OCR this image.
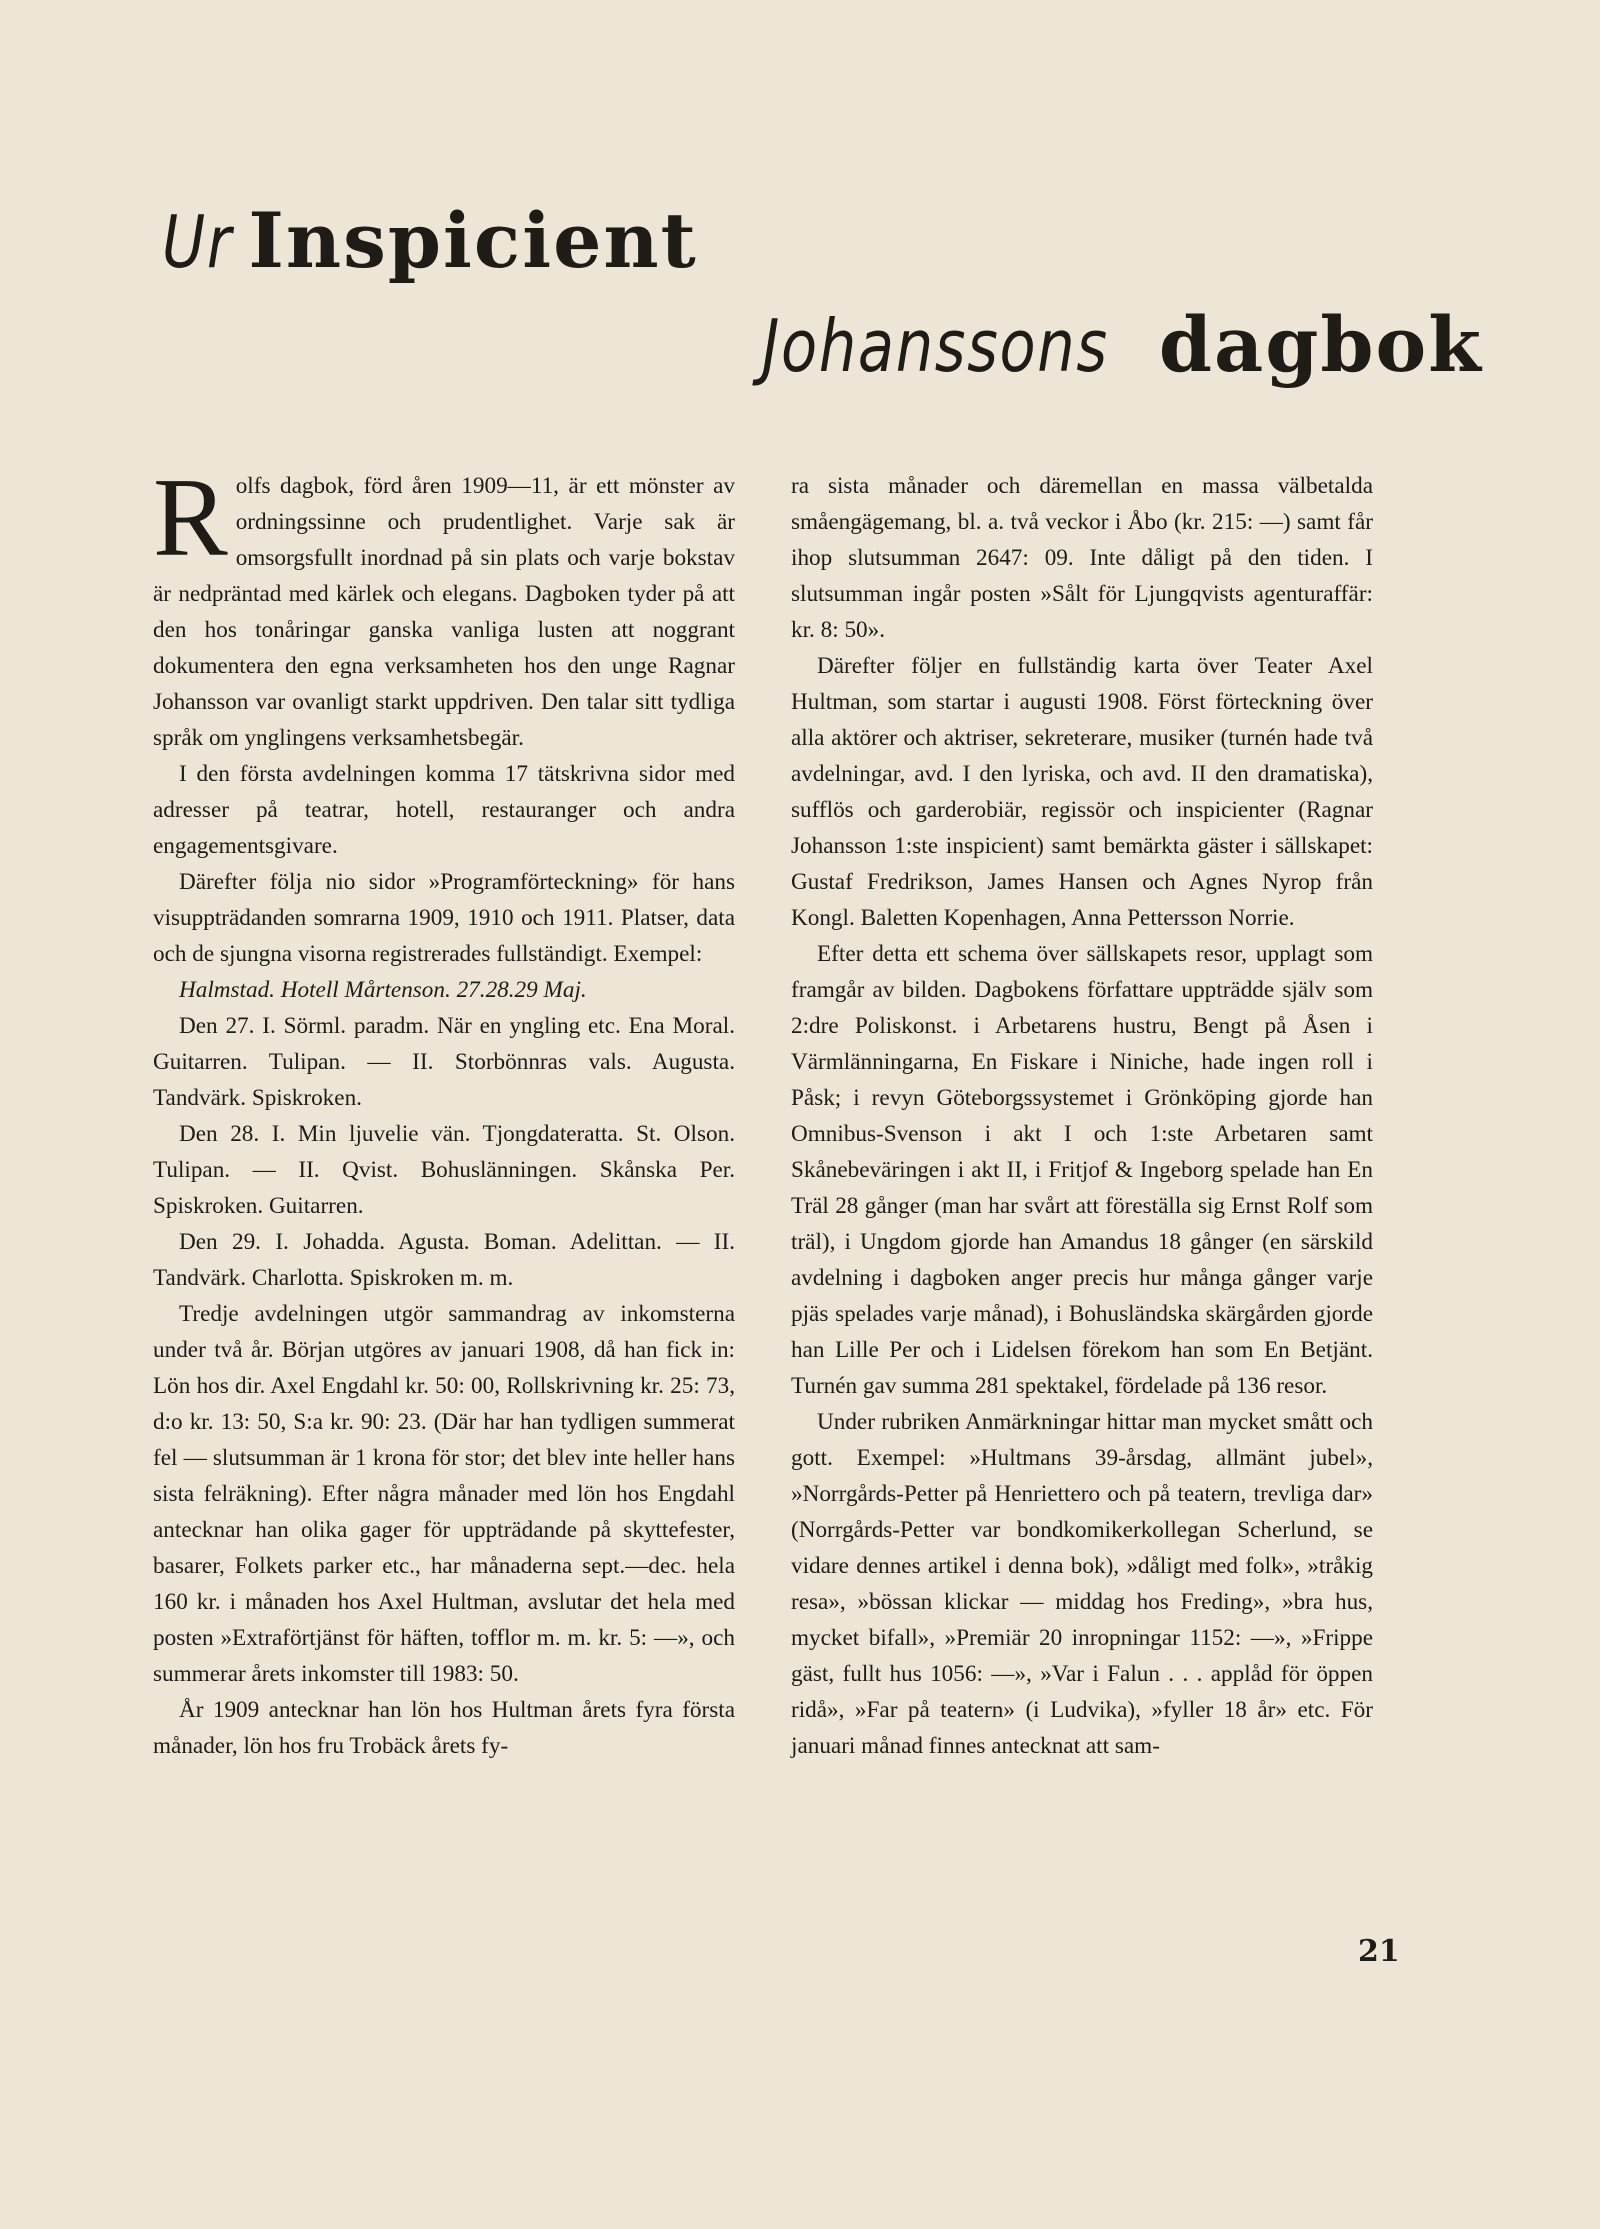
Ur Inspicient
Johanssons dagbok

Rolfs dagbok, förd åren 1909—11, är ett mönster av ordningssinne och prudentlighet. Varje sak är omsorgsfullt inordnad på sin plats och varje bokstav är nedpräntad med kärlek och elegans. Dagboken tyder på att den hos tonåringar ganska vanliga lusten att noggrant dokumentera den egna verksamheten hos den unge Ragnar Johansson var ovanligt starkt uppdriven. Den talar sitt tydliga språk om ynglingens verksamhetsbegär.

I den första avdelningen komma 17 tätskrivna sidor med adresser på teatrar, hotell, restauranger och andra engagementsgivare.

Därefter följa nio sidor »Programförteckning» för hans visuppträdanden somrarna 1909, 1910 och 1911. Platser, data och de sjungna visorna registrerades fullständigt. Exempel:

Halmstad. Hotell Mårtenson. 27.28.29 Maj.

Den 27. I. Sörml. paradm. När en yngling etc. Ena Moral. Guitarren. Tulipan. — II. Storbönnras vals. Augusta. Tandvärk. Spiskroken.

Den 28. I. Min ljuvelie vän. Tjongdateratta. St. Olson. Tulipan. — II. Qvist. Bohuslänningen. Skånska Per. Spiskroken. Guitarren.

Den 29. I. Johadda. Agusta. Boman. Adelittan. — II. Tandvärk. Charlotta. Spiskroken m. m.

Tredje avdelningen utgör sammandrag av inkomsterna under två år. Början utgöres av januari 1908, då han fick in: Lön hos dir. Axel Engdahl kr. 50: 00, Rollskrivning kr. 25: 73, d:o kr. 13: 50, S:a kr. 90: 23. (Där har han tydligen summerat fel — slutsumman är 1 krona för stor; det blev inte heller hans sista felräkning). Efter några månader med lön hos Engdahl antecknar han olika gager för uppträdande på skyttefester, basarer, Folkets parker etc., har månaderna sept.—dec. hela 160 kr. i månaden hos Axel Hultman, avslutar det hela med posten »Extraförtjänst för häften, tofflor m. m. kr. 5: —», och summerar årets inkomster till 1983: 50.

År 1909 antecknar han lön hos Hultman årets fyra första månader, lön hos fru Trobäck årets fy-

ra sista månader och däremellan en massa välbetalda småengägemang, bl. a. två veckor i Åbo (kr. 215: —) samt får ihop slutsumman 2647: 09. Inte dåligt på den tiden. I slutsumman ingår posten »Sålt för Ljungqvists agenturaffär: kr. 8: 50».

Därefter följer en fullständig karta över Teater Axel Hultman, som startar i augusti 1908. Först förteckning över alla aktörer och aktriser, sekreterare, musiker (turnén hade två avdelningar, avd. I den lyriska, och avd. II den dramatiska), sufflös och garderobiär, regissör och inspicienter (Ragnar Johansson 1:ste inspicient) samt bemärkta gäster i sällskapet: Gustaf Fredrikson, James Hansen och Agnes Nyrop från Kongl. Baletten Kopenhagen, Anna Pettersson Norrie.

Efter detta ett schema över sällskapets resor, upplagt som framgår av bilden. Dagbokens författare uppträdde själv som 2:dre Poliskonst. i Arbetarens hustru, Bengt på Åsen i Värmlänningarna, En Fiskare i Niniche, hade ingen roll i Påsk; i revyn Göteborgssystemet i Grönköping gjorde han Omnibus-Svenson i akt I och 1:ste Arbetaren samt Skånebeväringen i akt II, i Fritjof & Ingeborg spelade han En Träl 28 gånger (man har svårt att föreställa sig Ernst Rolf som träl), i Ungdom gjorde han Amandus 18 gånger (en särskild avdelning i dagboken anger precis hur många gånger varje pjäs spelades varje månad), i Bohusländska skärgården gjorde han Lille Per och i Lidelsen förekom han som En Betjänt. Turnén gav summa 281 spektakel, fördelade på 136 resor.

Under rubriken Anmärkningar hittar man mycket smått och gott. Exempel: »Hultmans 39-årsdag, allmänt jubel», »Norrgårds-Petter på Henriettero och på teatern, trevliga dar» (Norrgårds-Petter var bondkomikerkollegan Scherlund, se vidare dennes artikel i denna bok), »dåligt med folk», »tråkig resa», »bössan klickar — middag hos Freding», »bra hus, mycket bifall», »Premiär 20 inropningar 1152: —», »Frippe gäst, fullt hus 1056: —», »Var i Falun . . . applåd för öppen ridå», »Far på teatern» (i Ludvika), »fyller 18 år» etc. För januari månad finnes antecknat att sam-

21
